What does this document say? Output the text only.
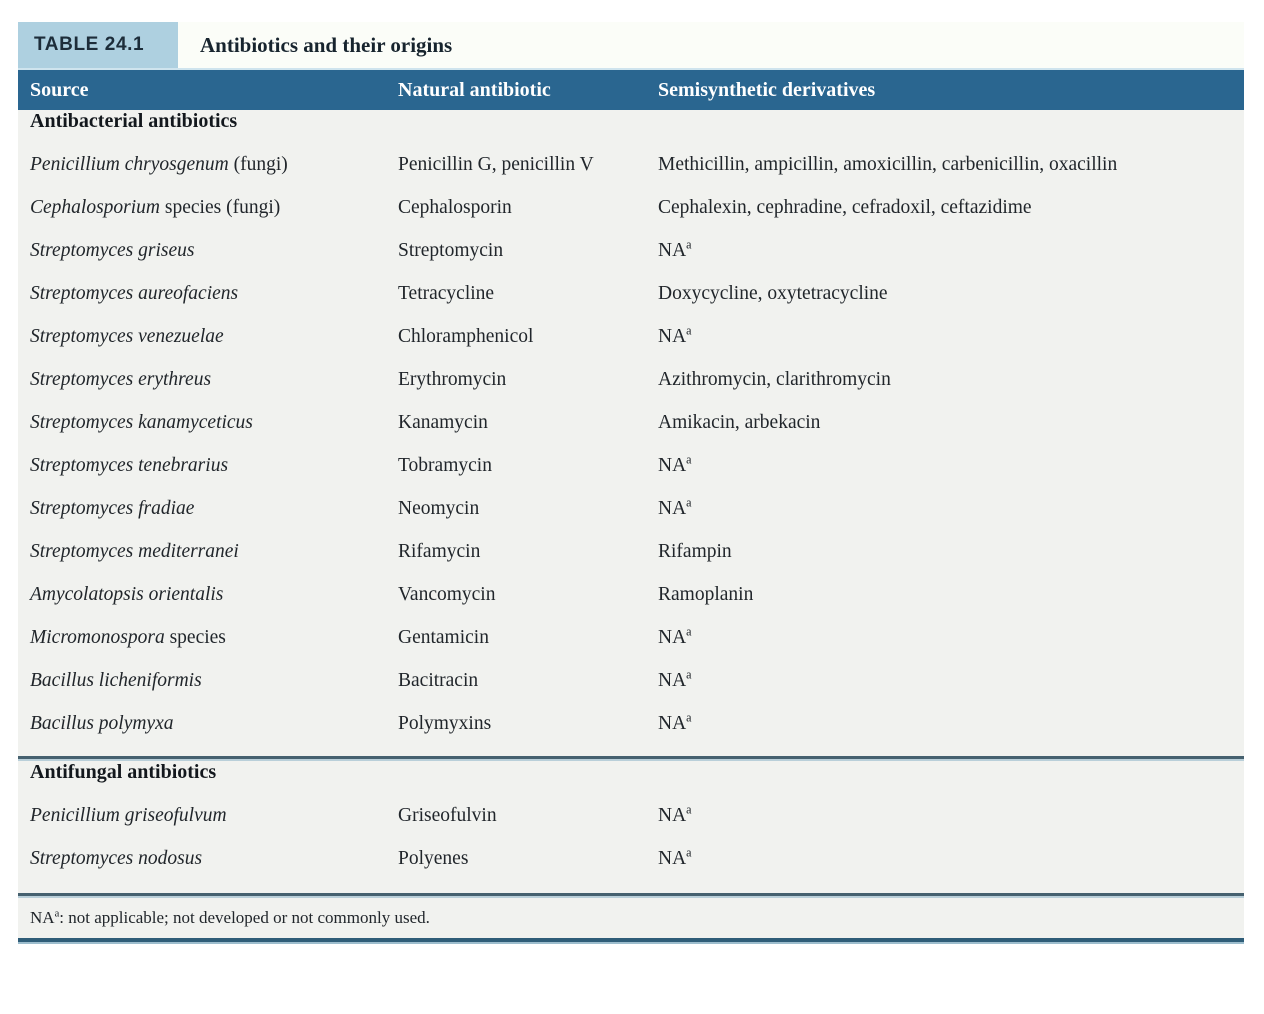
TABLE 24.1	Antibiotics and their origins
Source	Natural antibiotic	Semisynthetic derivatives
Antibacterial antibiotics
Penicillium chryosgenum (fungi)	Penicillin G, penicillin V	Methicillin, ampicillin, amoxicillin, carbenicillin, oxacillin
Cephalosporium species (fungi)	Cephalosporin	Cephalexin, cephradine, cefradoxil, ceftazidime
Streptomyces griseus	Streptomycin	$NA^a$
Streptomyces aureofaciens	Tetracycline	Doxycycline, oxytetracycline
Streptomyces venezuelae	Chloramphenicol	$NA^a$
Streptomyces erythreus	Erythromycin	Azithromycin, clarithromycin
Streptomyces kanamyceticus	Kanamycin	Amikacin, arbekacin
Streptomyces tenebrarius	Tobramycin	$NA^a$
Streptomyces fradiae	Neomycin	$NA^a$
Streptomyces mediterranei	Rifamycin	Rifampin
Amycolatopsis orientalis	Vancomycin	Ramoplanin
Micromonospora species	Gentamicin	$NA^a$
Bacillus licheniformis	Bacitracin	$NA^a$
Bacillus polymyxa	Polymyxins	$NA^a$
Antifungal antibiotics
Penicillium griseofulvum	Griseofulvin	$NA^a$
Streptomyces nodosus	Polyenes	$NA^a$
$NA^a$: not applicable; not developed or not commonly used.
